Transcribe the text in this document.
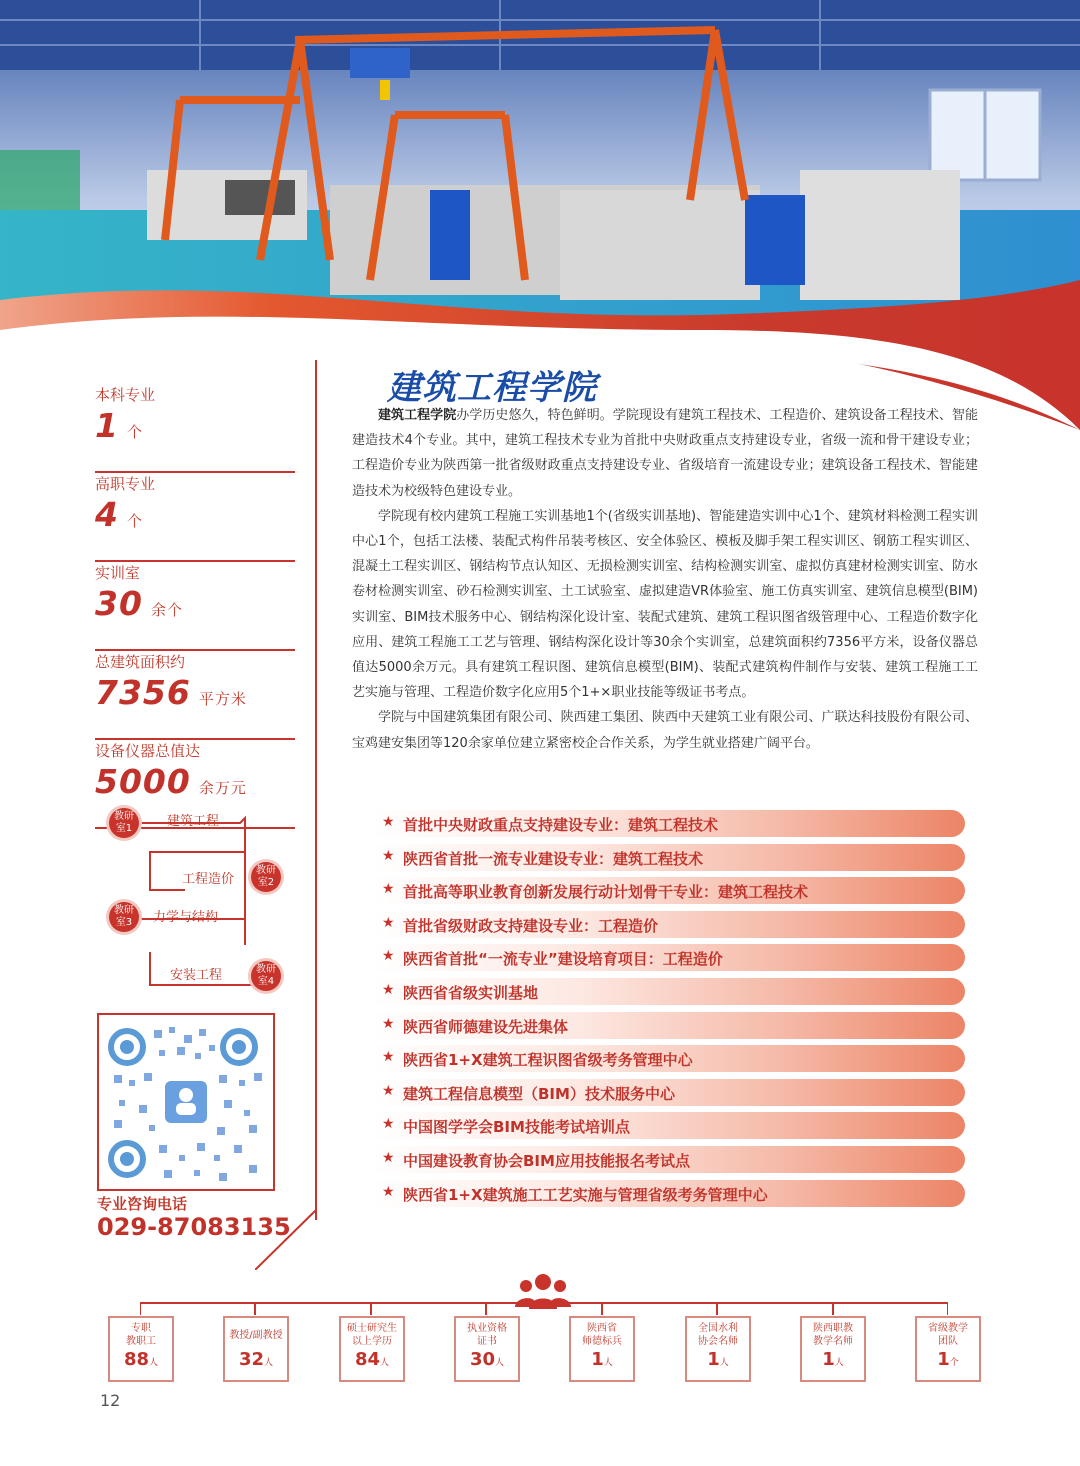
本科专业
1 个
高职专业
4 个
实训室
30 余个
总建筑面积约
7356 平方米
设备仪器总值达
5000 余万元
教研
室1	建筑工程
工程造价
教研
室2
教研
室3	力学与结构
安装工程	教研
室4
专业咨询电话
029-87083135
建筑工程学院

建筑工程学院办学历史悠久，特色鲜明。学院现设有建筑工程技术、工程造价、建筑设备工程技术、智能建造技术4个专业。其中，建筑工程技术专业为首批中央财政重点支持建设专业，省级一流和骨干建设专业；工程造价专业为陕西第一批省级财政重点支持建设专业、省级培育一流建设专业；建筑设备工程技术、智能建造技术为校级特色建设专业。

学院现有校内建筑工程施工实训基地1个(省级实训基地)、智能建造实训中心1个、建筑材料检测工程实训中心1个，包括工法楼、装配式构件吊装考核区、安全体验区、模板及脚手架工程实训区、钢筋工程实训区、混凝土工程实训区、钢结构节点认知区、无损检测实训室、结构检测实训室、虚拟仿真建材检测实训室、防水卷材检测实训室、砂石检测实训室、土工试验室、虚拟建造VR体验室、施工仿真实训室、建筑信息模型(BIM)实训室、BIM技术服务中心、钢结构深化设计室、装配式建筑、建筑工程识图省级管理中心、工程造价数字化应用、建筑工程施工工艺与管理、钢结构深化设计等30余个实训室，总建筑面积约7356平方米，设备仪器总值达5000余万元。具有建筑工程识图、建筑信息模型(BIM)、装配式建筑构件制作与安装、建筑工程施工工艺实施与管理、工程造价数字化应用5个1+×职业技能等级证书考点。

学院与中国建筑集团有限公司、陕西建工集团、陕西中天建筑工业有限公司、广联达科技股份有限公司、宝鸡建安集团等120余家单位建立紧密校企合作关系，为学生就业搭建广阔平台。

★ 首批中央财政重点支持建设专业：建筑工程技术
★ 陕西省首批一流专业建设专业：建筑工程技术
★ 首批高等职业教育创新发展行动计划骨干专业：建筑工程技术
★ 首批省级财政支持建设专业：工程造价
★ 陕西省首批“一流专业”建设培育项目：工程造价
★ 陕西省省级实训基地
★ 陕西省师德建设先进集体
★ 陕西省1+X建筑工程识图省级考务管理中心
★ 建筑工程信息模型（BIM）技术服务中心
★ 中国图学学会BIM技能考试培训点
★ 中国建设教育协会BIM应用技能报名考试点
★ 陕西省1+X建筑施工工艺实施与管理省级考务管理中心
专职
教职工
88人
教授/副教授
32人
硕士研究生
以上学历
84人
执业资格
证书
30人
陕西省
师德标兵
1人
全国水利
协会名师
1人
陕西职教
教学名师
1人
省级教学
团队
1个
12
